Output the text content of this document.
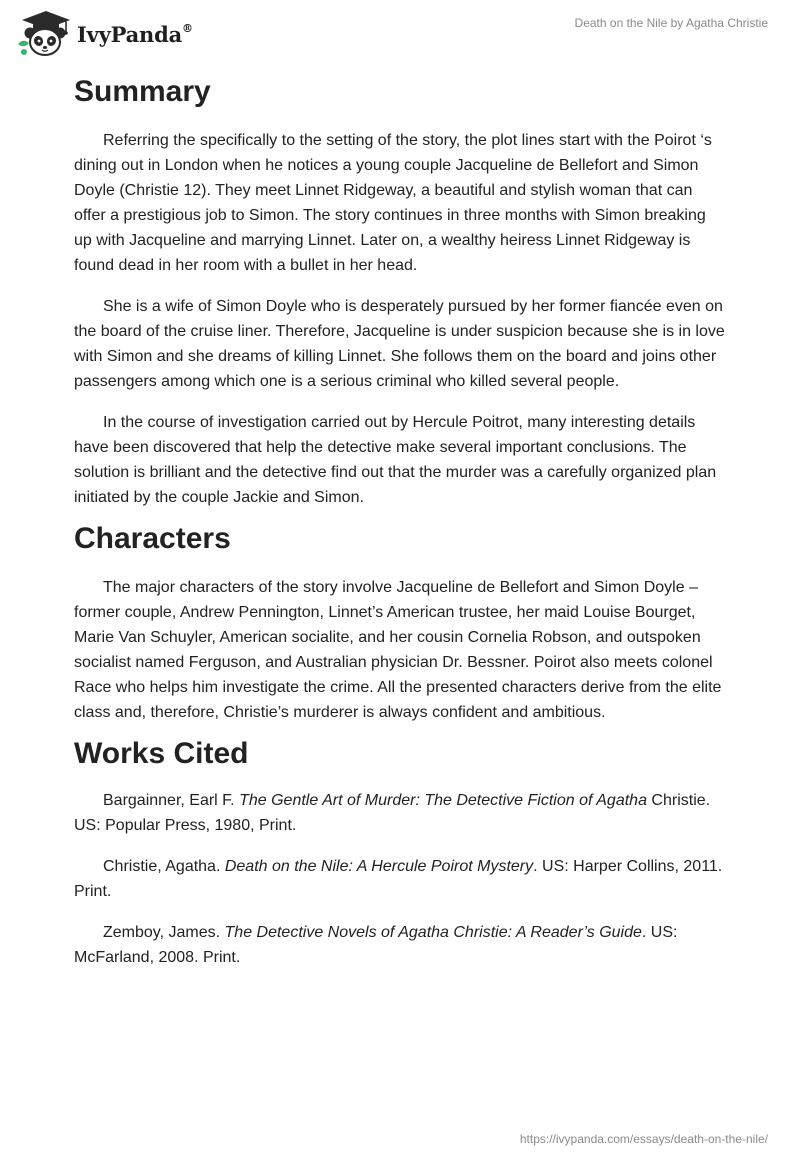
IvyPanda®	Death on the Nile by Agatha Christie
Summary

Referring the specifically to the setting of the story, the plot lines start with the Poirot ‘s dining out in London when he notices a young couple Jacqueline de Bellefort and Simon Doyle (Christie 12). They meet Linnet Ridgeway, a beautiful and stylish woman that can offer a prestigious job to Simon. The story continues in three months with Simon breaking up with Jacqueline and marrying Linnet. Later on, a wealthy heiress Linnet Ridgeway is found dead in her room with a bullet in her head.

She is a wife of Simon Doyle who is desperately pursued by her former fiancée even on the board of the cruise liner. Therefore, Jacqueline is under suspicion because she is in love with Simon and she dreams of killing Linnet. She follows them on the board and joins other passengers among which one is a serious criminal who killed several people.

In the course of investigation carried out by Hercule Poitrot, many interesting details have been discovered that help the detective make several important conclusions. The solution is brilliant and the detective find out that the murder was a carefully organized plan initiated by the couple Jackie and Simon.

Characters

The major characters of the story involve Jacqueline de Bellefort and Simon Doyle – former couple, Andrew Pennington, Linnet’s American trustee, her maid Louise Bourget, Marie Van Schuyler, American socialite, and her cousin Cornelia Robson, and outspoken socialist named Ferguson, and Australian physician Dr. Bessner. Poirot also meets colonel Race who helps him investigate the crime. All the presented characters derive from the elite class and, therefore, Christie’s murderer is always confident and ambitious.

Works Cited

Bargainner, Earl F. The Gentle Art of Murder: The Detective Fiction of Agatha Christie. US: Popular Press, 1980, Print.

Christie, Agatha. Death on the Nile: A Hercule Poirot Mystery. US: Harper Collins, 2011. Print.

Zemboy, James. The Detective Novels of Agatha Christie: A Reader’s Guide. US: McFarland, 2008. Print.

https://ivypanda.com/essays/death-on-the-nile/
